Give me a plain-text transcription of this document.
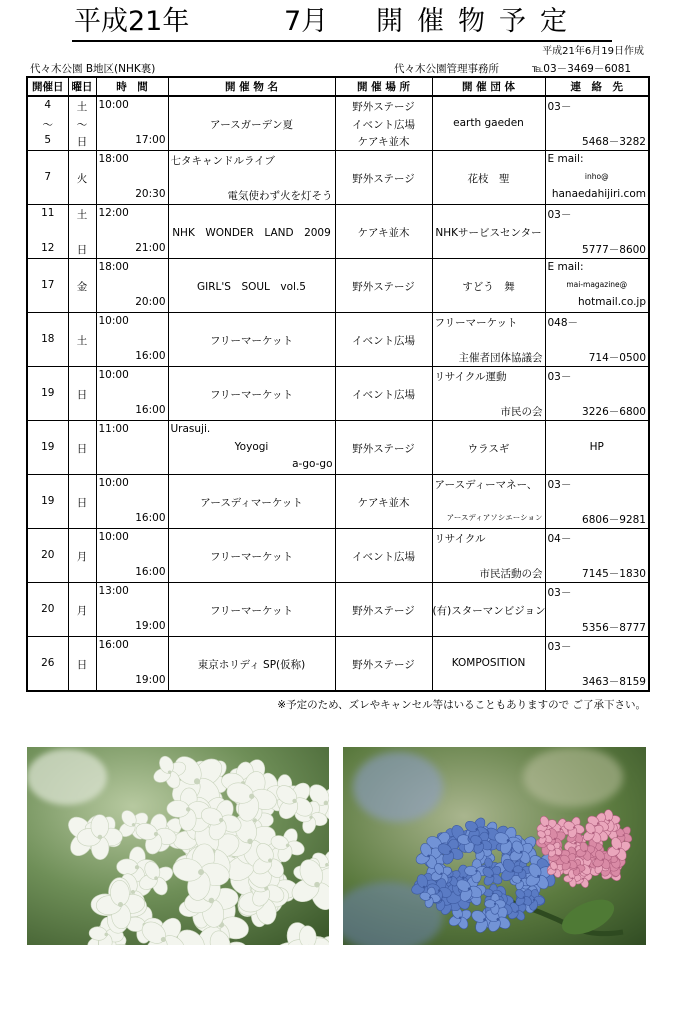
平成21年	7月 開催物予定
平成21年6月19日作成
代々木公園 B地区(NHK裏)	代々木公園管理事務所	℡03－3469－6081
開催日	曜日	時　間	開 催 物 名	開 催 場 所	開 催 団 体	連　絡　先

4
～
5	土
～
日	10:00
17:00	アースガーデン夏	野外ステージ
イベント広場
ケアキ並木	earth gaeden	03－
5468－3282

7	火	18:00
20:30	七タキャンドルライブ
電気使わず火を灯そう	野外ステージ	花枝　聖	E mail:
inho@
hanaedahijiri.com

11
12	土
日	12:00
21:00	NHK　WONDER　LAND　2009	ケアキ並木	NHKサービスセンター	03－
5777－8600

17	金	18:00
20:00	GIRL'S　SOUL　vol.5	野外ステージ	すどう　舞	E mail:
mai-magazine@
hotmail.co.jp

18	土	10:00
16:00	フリーマーケット	イベント広場	フリーマーケット
主催者団体協議会	048－
714－0500

19	日	10:00
16:00	フリーマーケット	イベント広場	リサイクル運動
市民の会	03－
3226－6800

19	日	11:00	Urasuji.
Yoyogi
a-go-go	野外ステージ	ウラスギ	HP

19	日	10:00
16:00	アースディマーケット	ケアキ並木	アースディーマネー、
アースディアソシエーション	03－
6806－9281

20	月	10:00
16:00	フリーマーケット	イベント広場	リサイクル
市民活動の会	04－
7145－1830

20	月	13:00
19:00	フリーマーケット	野外ステージ	(有)スターマンビジョン	03－
5356－8777

26	日	16:00
19:00	東京ホリディ SP(仮称)	野外ステージ	KOMPOSITION	03－
3463－8159
※予定のため、ズレやキャンセル等はいることもありますので ご了承下さい。
